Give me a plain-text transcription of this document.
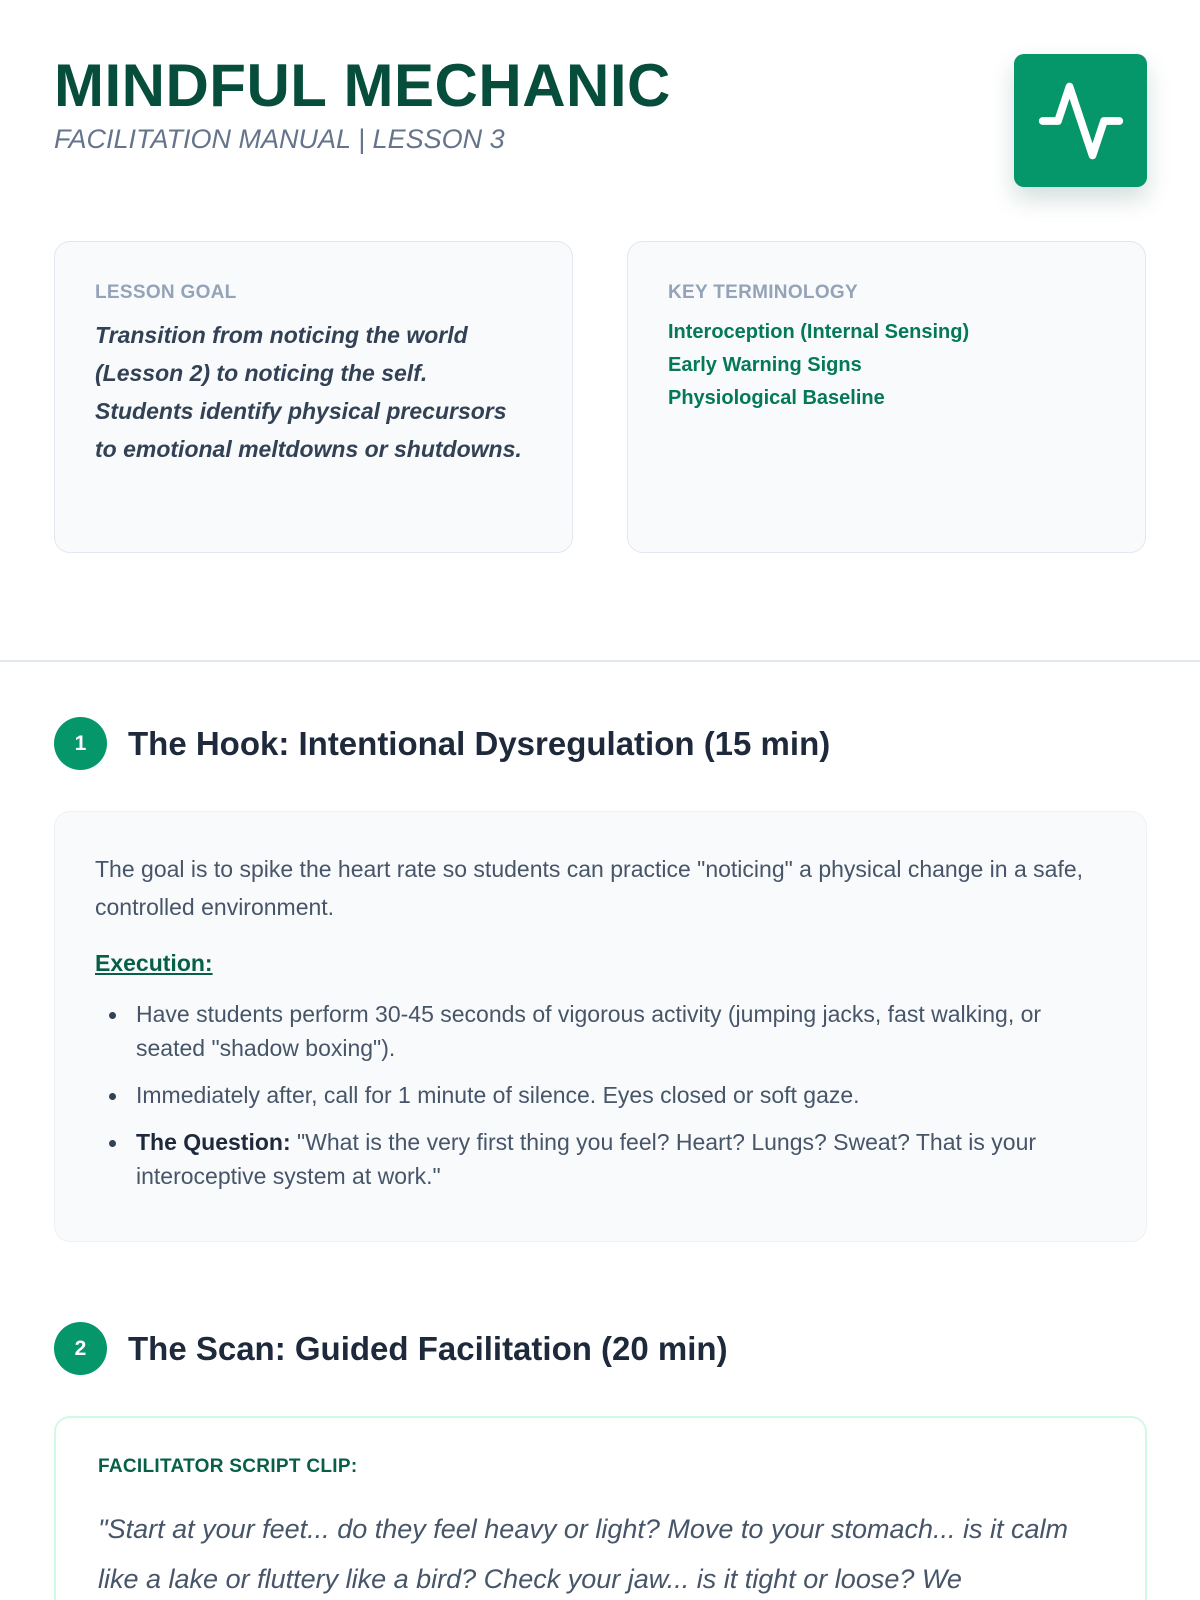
MINDFUL MECHANIC
FACILITATION MANUAL | LESSON 3
LESSON GOAL
Transition from noticing the world (Lesson 2) to noticing the self. Students identify physical precursors to emotional meltdowns or shutdowns.
KEY TERMINOLOGY
Interoception (Internal Sensing)
Early Warning Signs
Physiological Baseline
1	The Hook: Intentional Dysregulation (15 min)

The goal is to spike the heart rate so students can practice "noticing" a physical change in a safe, controlled environment.

Execution:
Have students perform 30-45 seconds of vigorous activity (jumping jacks, fast walking, or seated "shadow boxing").
Immediately after, call for 1 minute of silence. Eyes closed or soft gaze.
The Question: "What is the very first thing you feel? Heart? Lungs? Sweat? That is your interoceptive system at work."
2	The Scan: Guided Facilitation (20 min)
FACILITATOR SCRIPT CLIP:

"Start at your feet... do they feel heavy or light? Move to your stomach... is it calm like a lake or fluttery like a bird? Check your jaw... is it tight or loose? We
